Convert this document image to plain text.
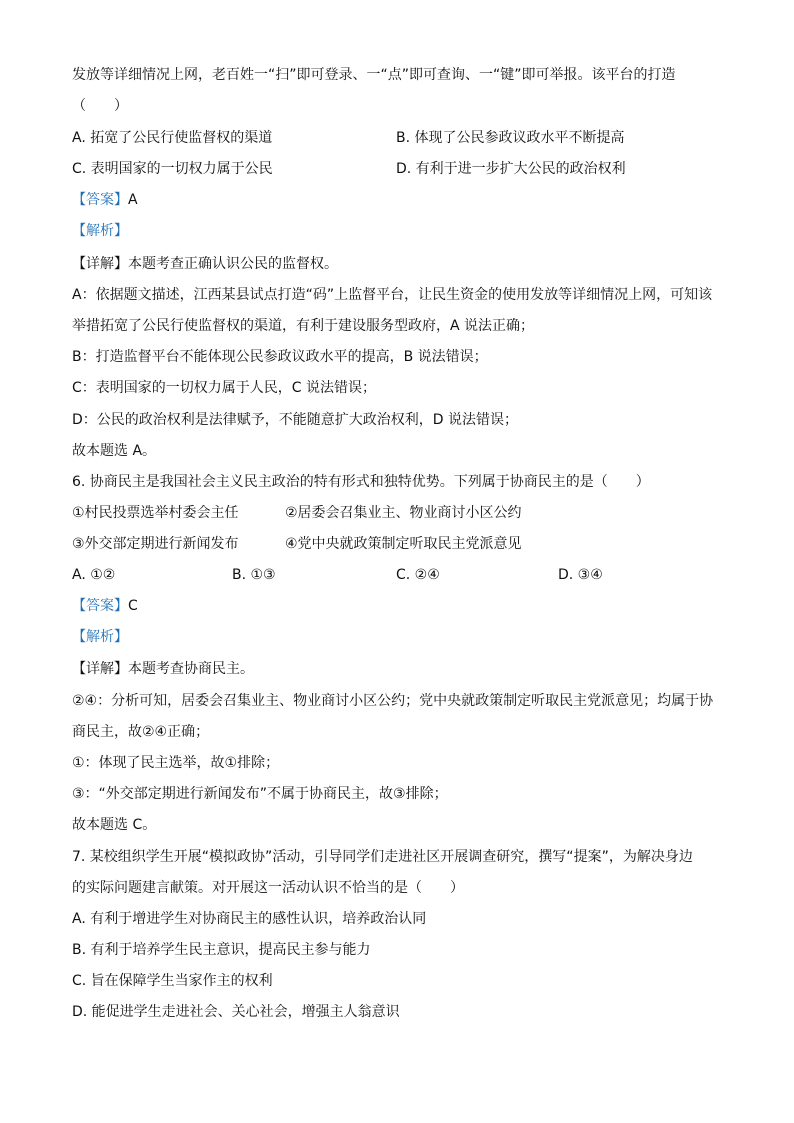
发放等详细情况上网，老百姓一“扫”即可登录、一“点”即可查询、一“键”即可举报。该平台的打造
（　　）
A. 拓宽了公民行使监督权的渠道	B. 体现了公民参政议政水平不断提高
C. 表明国家的一切权力属于公民	D. 有利于进一步扩大公民的政治权利
【答案】A
【解析】
【详解】本题考查正确认识公民的监督权。
A：依据题文描述，江西某县试点打造“码”上监督平台，让民生资金的使用发放等详细情况上网，可知该
举措拓宽了公民行使监督权的渠道，有利于建设服务型政府，A 说法正确；
B：打造监督平台不能体现公民参政议政水平的提高，B 说法错误；
C：表明国家的一切权力属于人民，C 说法错误；
D：公民的政治权利是法律赋予，不能随意扩大政治权利，D 说法错误；
故本题选 A。
6. 协商民主是我国社会主义民主政治的特有形式和独特优势。下列属于协商民主的是（　　）
①村民投票选举村委会主任	②居委会召集业主、物业商讨小区公约
③外交部定期进行新闻发布	④党中央就政策制定听取民主党派意见
A. ①②	B. ①③	C. ②④	D. ③④
【答案】C
【解析】
【详解】本题考查协商民主。
②④：分析可知，居委会召集业主、物业商讨小区公约；党中央就政策制定听取民主党派意见；均属于协
商民主，故②④正确；
①：体现了民主选举，故①排除；
③：“外交部定期进行新闻发布”不属于协商民主，故③排除；
故本题选 C。
7. 某校组织学生开展“模拟政协”活动，引导同学们走进社区开展调查研究，撰写“提案”，为解决身边
的实际问题建言献策。对开展这一活动认识不恰当的是（　　）
A. 有利于增进学生对协商民主的感性认识，培养政治认同
B. 有利于培养学生民主意识，提高民主参与能力
C. 旨在保障学生当家作主的权利
D. 能促进学生走进社会、关心社会，增强主人翁意识
